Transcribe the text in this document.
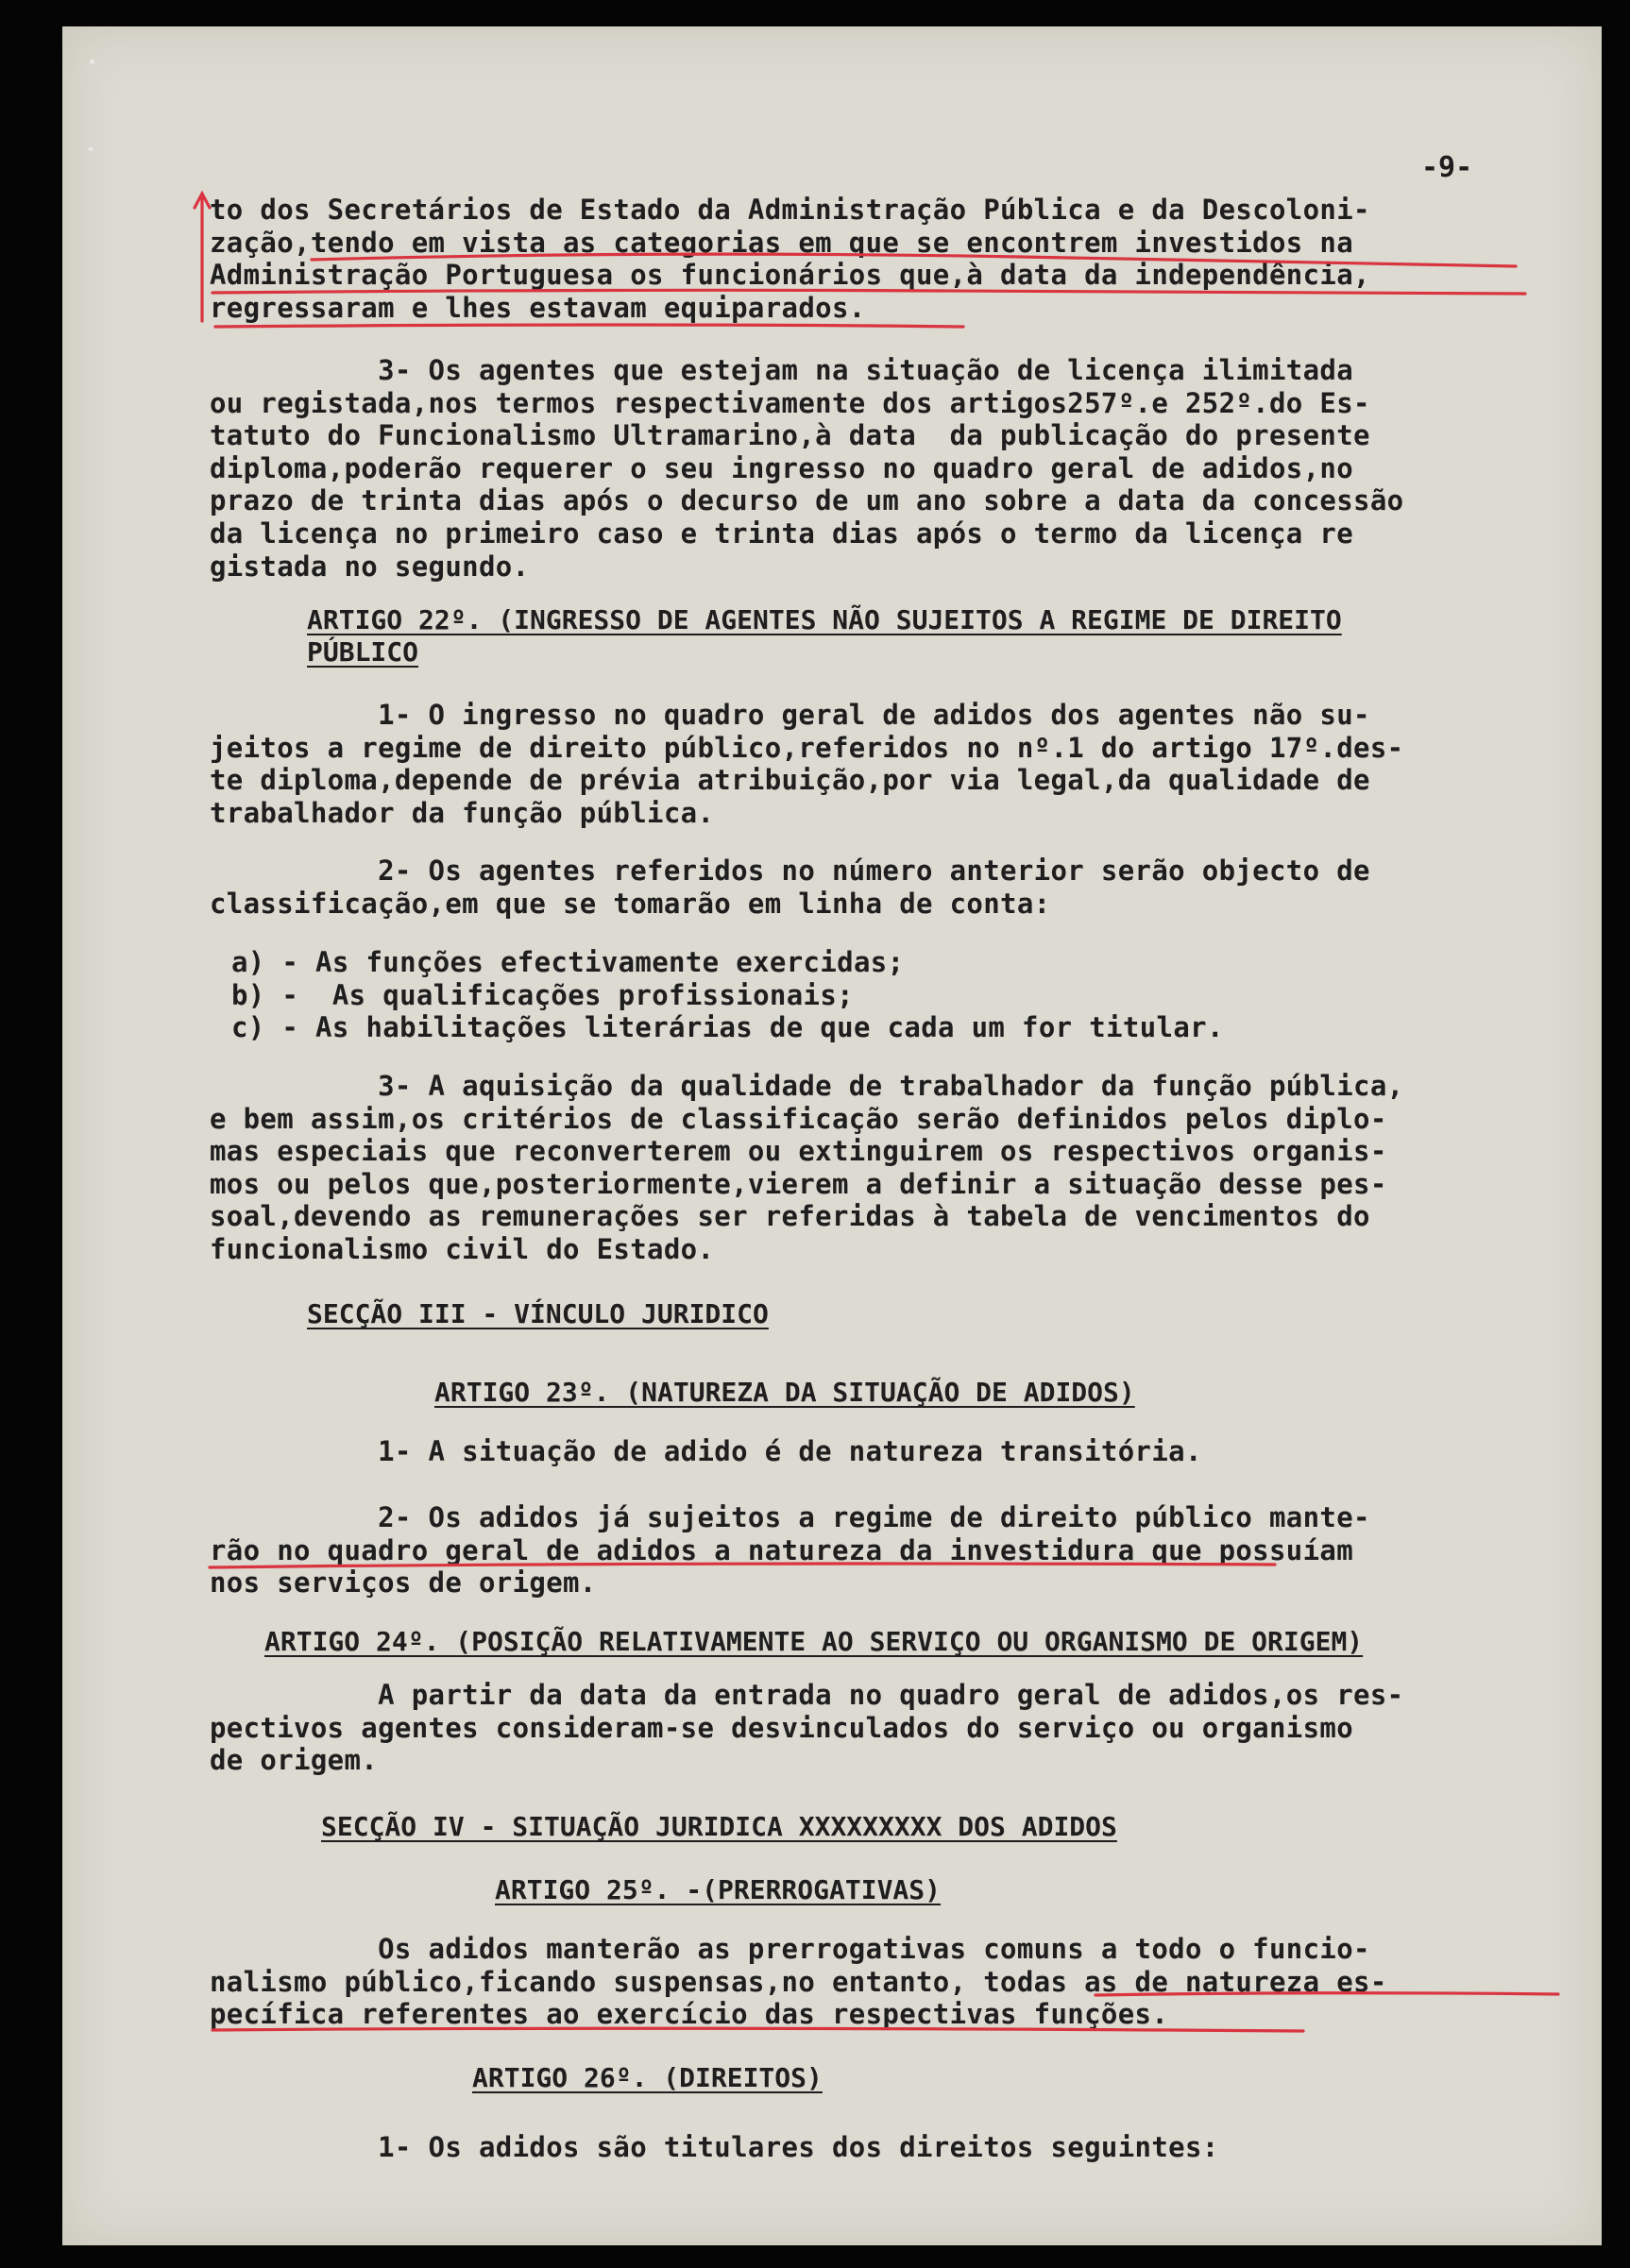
-9-

to dos Secretários de Estado da Administração Pública e da Descoloni-
zação,tendo em vista as categorias em que se encontrem investidos na
Administração Portuguesa os funcionários que,à data da independência,
regressaram e lhes estavam equiparados.

3- Os agentes que estejam na situação de licença ilimitada
ou registada,nos termos respectivamente dos artigos257º.e 252º.do Es-
tatuto do Funcionalismo Ultramarino,à data  da publicação do presente
diploma,poderão requerer o seu ingresso no quadro geral de adidos,no
prazo de trinta dias após o decurso de um ano sobre a data da concessão
da licença no primeiro caso e trinta dias após o termo da licença re
gistada no segundo.

ARTIGO 22º. (INGRESSO DE AGENTES NÃO SUJEITOS A REGIME DE DIREITO

PÚBLICO

1- O ingresso no quadro geral de adidos dos agentes não su-
jeitos a regime de direito público,referidos no nº.1 do artigo 17º.des-
te diploma,depende de prévia atribuição,por via legal,da qualidade de
trabalhador da função pública.

2- Os agentes referidos no número anterior serão objecto de
classificação,em que se tomarão em linha de conta:

a) - As funções efectivamente exercidas;
b) -  As qualificações profissionais;
c) - As habilitações literárias de que cada um for titular.

3- A aquisição da qualidade de trabalhador da função pública,
e bem assim,os critérios de classificação serão definidos pelos diplo-
mas especiais que reconverterem ou extinguirem os respectivos organis-
mos ou pelos que,posteriormente,vierem a definir a situação desse pes-
soal,devendo as remunerações ser referidas à tabela de vencimentos do
funcionalismo civil do Estado.

SECÇÃO III - VÍNCULO JURIDICO

ARTIGO 23º. (NATUREZA DA SITUAÇÃO DE ADIDOS)

1- A situação de adido é de natureza transitória.

2- Os adidos já sujeitos a regime de direito público mante-
rão no quadro geral de adidos a natureza da investidura que possuíam
nos serviços de origem.

ARTIGO 24º. (POSIÇÃO RELATIVAMENTE AO SERVIÇO OU ORGANISMO DE ORIGEM)

A partir da data da entrada no quadro geral de adidos,os res-
pectivos agentes consideram-se desvinculados do serviço ou organismo
de origem.

SECÇÃO IV - SITUAÇÃO JURIDICA XXXXXXXXX DOS ADIDOS

ARTIGO 25º. -(PRERROGATIVAS)

Os adidos manterão as prerrogativas comuns a todo o funcio-
nalismo público,ficando suspensas,no entanto, todas as de natureza es-
pecífica referentes ao exercício das respectivas funções.

ARTIGO 26º. (DIREITOS)

1- Os adidos são titulares dos direitos seguintes:
